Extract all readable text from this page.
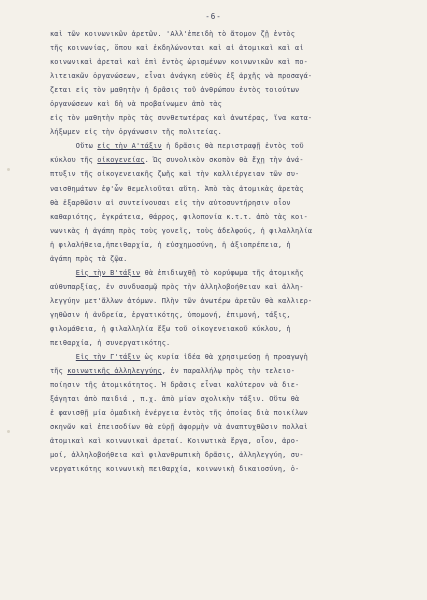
-6-
καὶ τῶν κοινωνικῶν ἀρετῶν. 'Αλλ'ἐπειδὴ τὸ ἄτομον ζῇ ἐντὸς
τῆς κοινωνίας, ὅπου καὶ ἐκδηλώνονται καὶ αἱ ἀτομικαὶ καὶ αἱ
κοινωνικαὶ ἀρεταὶ καὶ ἐπὶ ἐντὸς ὡρισμένων κοινωνικῶν καὶ πο-
λιτειακῶν ὀργανώσεων, εἶναι ἀνάγκη εὐθὺς ἐξ ἀρχῆς νὰ προσαγά-
ζεται εἰς τὸν μαθητὴν ἡ δρᾶσις τοῦ ἀνθρώπου ἐντὸς τοιούτων
ὀργανώσεων καὶ δὴ νὰ προβαίνωμεν ἀπὸ τὰς
εἰς τὸν μαθητὴν πρὸς τὰς συνθετωτέρας καὶ ἀνωτέρας, ἵνα κατα-
λήξωμεν εἰς τὴν ὀργάνωσιν τῆς πολιτείας.
Οὕτω εἰς τὴν Α'τάξιν ἡ δρᾶσις θὰ περιστραφῇ ἐντὸς τοῦ
κύκλου τῆς οἰκογενείας. Ὡς συνολικὸν σκοπὸν θὰ ἔχῃ τὴν ἀνά-
πτυξιν τῆς οἰκογενειακῆς ζωῆς καὶ τὴν καλλιέργειαν τῶν συ-
ναισθημάτων ἐφ'ὧν θεμελιοῦται αὕτη. Ἀπὸ τὰς ἀτομικὰς ἀρετὰς
θὰ ἐξαρθῶσιν αἱ συντείνουσαι εἰς τὴν αὐτοσυντήρησιν οἷον
καθαριότης, ἐγκράτεια, θάρρος, φιλοπονία κ.τ.τ. ἀπὸ τὰς κοι-
νωνικὰς ἡ ἀγάπη πρὸς τοὺς γονεῖς, τοὺς ἀδελφούς, ἡ φιλαλληλία
ἡ φιλαλήθεια,ἡπειθαρχία, ἡ εὐσχημοσύνη, ἡ ἀξιοπρέπεια, ἡ
ἀγάπη πρὸς τὰ ζῷα.
Εἰς τὴν Β'τάξιν θὰ ἐπιδιωχθῇ τὸ κορύφωμα τῆς ἀτομικῆς
αὐθυπαρξίας, ἐν συνδυασμῷ πρὸς τὴν ἀλληλοβοήθειαν καὶ ἀλλη-
λεγγύην μετ'ἄλλων ἀτόμων. Πλὴν τῶν ἀνωτέρω ἀρετῶν θὰ καλλιερ-
γηθῶσιν ἡ ἀνδρεία, ἐργατικότης, ὑπομονή, ἐπιμονή, τάξις,
φιλομάθεια, ἡ φιλαλληλία ἔξω τοῦ οἰκογενειακοῦ κύκλου, ἡ
πειθαρχία, ἡ συνεργατικότης.
Εἰς τὴν Γ'τάξιν ὡς κυρία ἰδέα θὰ χρησιμεύσῃ ἡ προαγωγὴ
τῆς κοινωτικῆς ἀλληλεγγύης, ἐν παραλλήλῳ πρὸς τὴν τελειο-
ποίησιν τῆς ἀτομικότητος. Ἡ δρᾶσις εἶναι καλύτερον νὰ διε-
ξάγηται ἀπὸ παιδιά , π.χ. ἀπὸ μίαν σχολικὴν τάξιν. Οὕτω θὰ
ἐ φανισθῇ μία ὁμαδικὴ ἐνέργεια ἐντὸς τῆς ὁποίας διὰ ποικίλων
σκηνῶν καὶ ἐπεισοδίων θὰ εὑρῇ ἀφορμὴν νὰ ἀναπτυχθῶσιν πολλαὶ
ἀτομικαὶ καὶ κοινωνικαὶ ἀρεταί. Κοινωτικὰ ἔργα, οἷον, ἀρο-
μοί, ἀλληλοβοήθεια καὶ φιλανθρωπικὴ δρᾶσις, ἀλληλεγγύη, συ-
νεργατικότης κοινωνικὴ πειθαρχία, κοινωνικὴ δικαιοσύνη, ὁ-
